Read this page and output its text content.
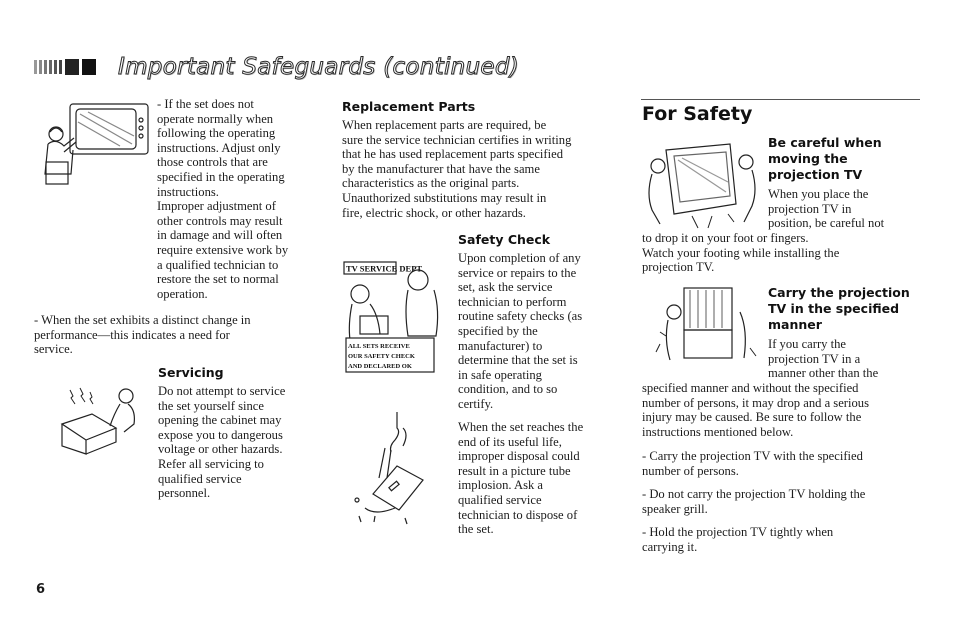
Important Safeguards (continued)
- If the set does not
operate normally when
following the operating
instructions. Adjust only
those controls that are
specified in the operating
instructions.
Improper adjustment of
other controls may result
in damage and will often
require extensive work by
a qualified technician to
restore the set to normal
operation.
- When the set exhibits a distinct change in
performance—this indicates a need for
service.
Servicing
Do not attempt to service
the set yourself since
opening the cabinet may
expose you to dangerous
voltage or other hazards.
Refer all servicing to
qualified service
personnel.
Replacement Parts
When replacement parts are required, be
sure the service technician certifies in writing
that he has used replacement parts specified
by the manufacturer that have the same
characteristics as the original parts.
Unauthorized substitutions may result in
fire, electric shock, or other hazards.
Safety Check
TV SERVICE DEPT
ALL SETS RECEIVE
OUR SAFETY CHECK
AND DECLARED OK
Upon completion of any
service or repairs to the
set, ask the service
technician to perform
routine safety checks (as
specified by the
manufacturer) to
determine that the set is
in safe operating
condition, and to so
certify.
When the set reaches the
end of its useful life,
improper disposal could
result in a picture tube
implosion. Ask a
qualified service
technician to dispose of
the set.
For Safety
Be careful when
moving the
projection TV
When you place the
projection TV in
position, be careful not
to drop it on your foot or fingers.
Watch your footing while installing the
projection TV.
Carry the projection
TV in the specified
manner
If you carry the
projection TV in a
manner other than the
specified manner and without the specified
number of persons, it may drop and a serious
injury may be caused. Be sure to follow the
instructions mentioned below.
- Carry the projection TV with the specified
number of persons.
- Do not carry the projection TV holding the
speaker grill.
- Hold the projection TV tightly when
carrying it.
6
